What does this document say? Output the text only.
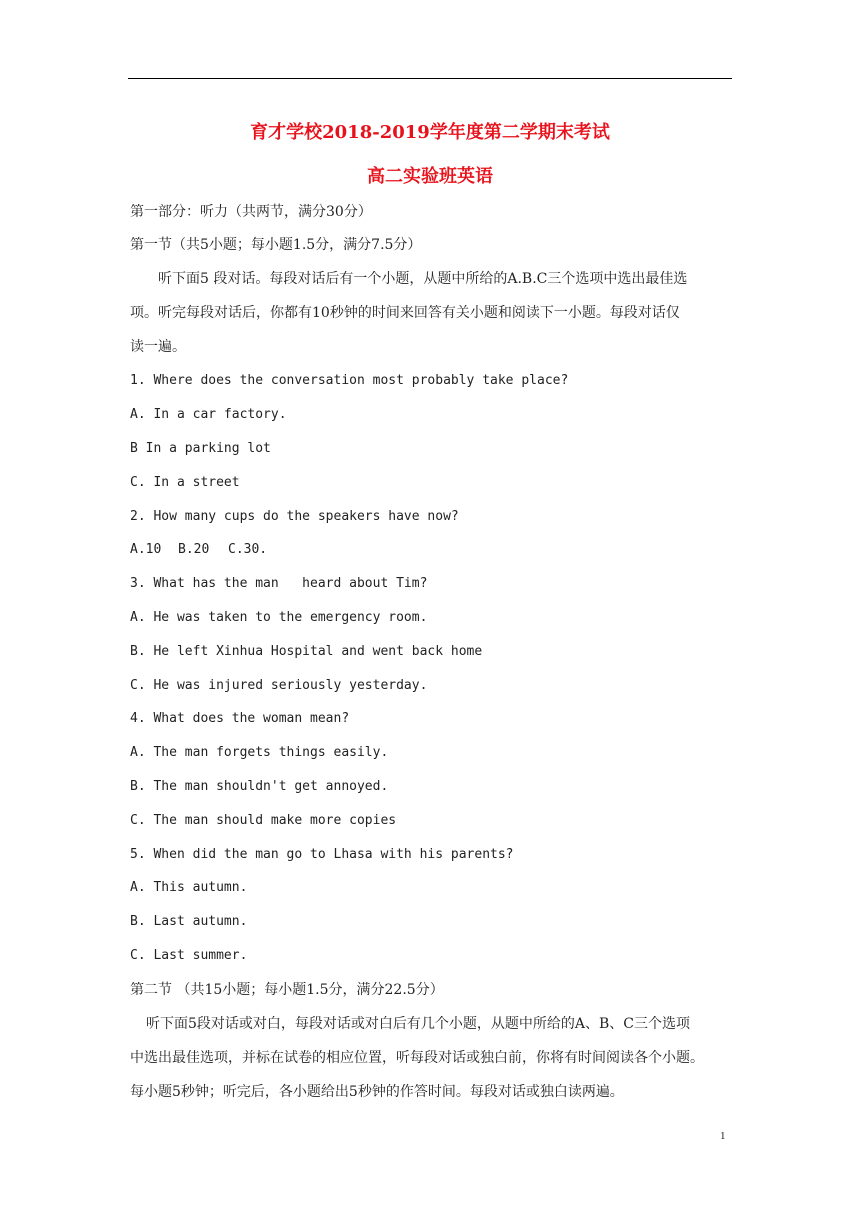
育才学校2018-2019学年度第二学期末考试
高二实验班英语
第一部分：听力（共两节，满分30分）
第一节（共5小题；每小题1.5分，满分7.5分）
听下面5 段对话。每段对话后有一个小题，从题中所给的A.B.C三个选项中选出最佳选
项。听完每段对话后，你都有10秒钟的时间来回答有关小题和阅读下一小题。每段对话仅
读一遍。
1. Where does the conversation most probably take place?
A. In a car factory.
B In a parking lot
C. In a street
2. How many cups do the speakers have now?
A.10 B.20 C.30.
3. What has the man   heard about Tim?
A. He was taken to the emergency room.
B. He left Xinhua Hospital and went back home
C. He was injured seriously yesterday.
4. What does the woman mean?
A. The man forgets things easily.
B. The man shouldn't get annoyed.
C. The man should make more copies
5. When did the man go to Lhasa with his parents?
A. This autumn.
B. Last autumn.
C. Last summer.
第二节 （共15小题；每小题1.5分，满分22.5分）
听下面5段对话或对白，每段对话或对白后有几个小题，从题中所给的A、B、C三个选项
中选出最佳选项，并标在试卷的相应位置，听每段对话或独白前，你将有时间阅读各个小题。
每小题5秒钟；听完后，各小题给出5秒钟的作答时间。每段对话或独白读两遍。
1
